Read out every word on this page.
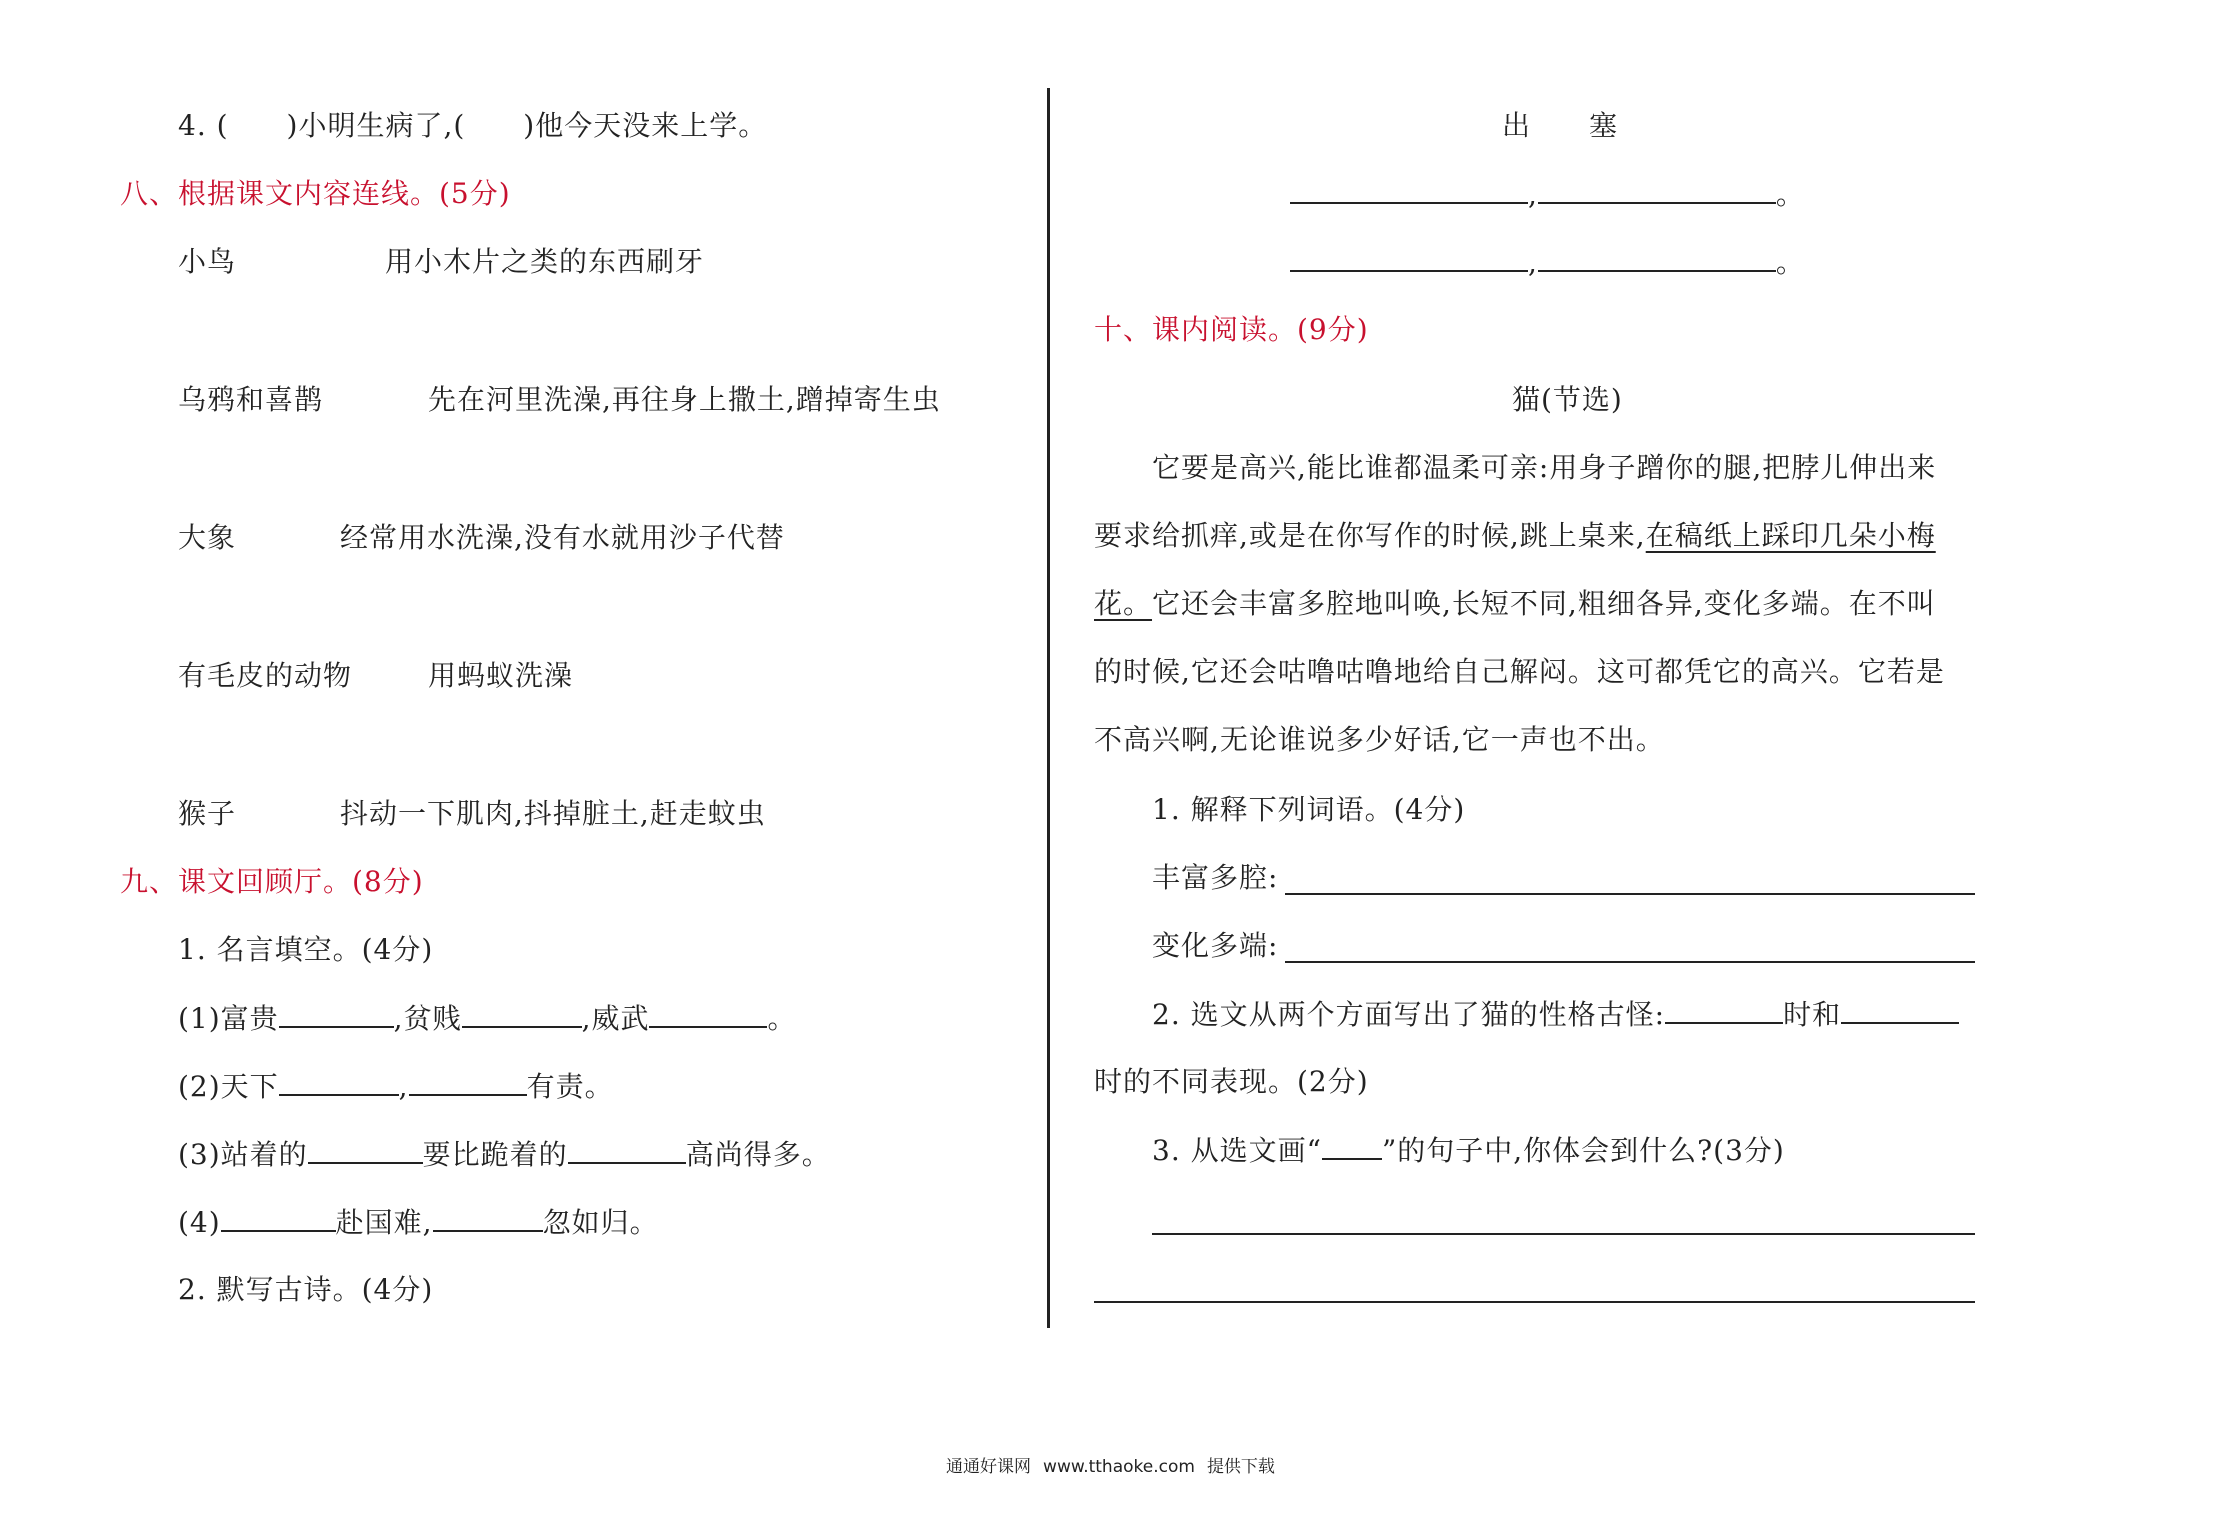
4. (　　)小明生病了,(　　)他今天没来上学。
八、根据课文内容连线。(5分)
小鸟	用小木片之类的东西刷牙
乌鸦和喜鹊	先在河里洗澡,再往身上撒土,蹭掉寄生虫
大象	经常用水洗澡,没有水就用沙子代替
有毛皮的动物	用蚂蚁洗澡
猴子	抖动一下肌肉,抖掉脏土,赶走蚊虫
九、课文回顾厅。(8分)
1. 名言填空。(4分)
(1)富贵	,贫贱	,威武	。
(2)天下	,	有责。
(3)站着的	要比跪着的	高尚得多。
(4)	赴国难,	忽如归。
2. 默写古诗。(4分)
出　　塞
,	。
,	。
十、课内阅读。(9分)
猫(节选)
它要是高兴,能比谁都温柔可亲:用身子蹭你的腿,把脖儿伸出来
要求给抓痒,或是在你写作的时候,跳上桌来,在稿纸上踩印几朵小梅
花。它还会丰富多腔地叫唤,长短不同,粗细各异,变化多端。在不叫
的时候,它还会咕噜咕噜地给自己解闷。这可都凭它的高兴。它若是
不高兴啊,无论谁说多少好话,它一声也不出。
1. 解释下列词语。(4分)
丰富多腔:
变化多端:
2. 选文从两个方面写出了猫的性格古怪:	时和
时的不同表现。(2分)
3. 从选文画“ ”的句子中,你体会到什么?(3分)
通通好课网 www.tthaoke.com 提供下载
